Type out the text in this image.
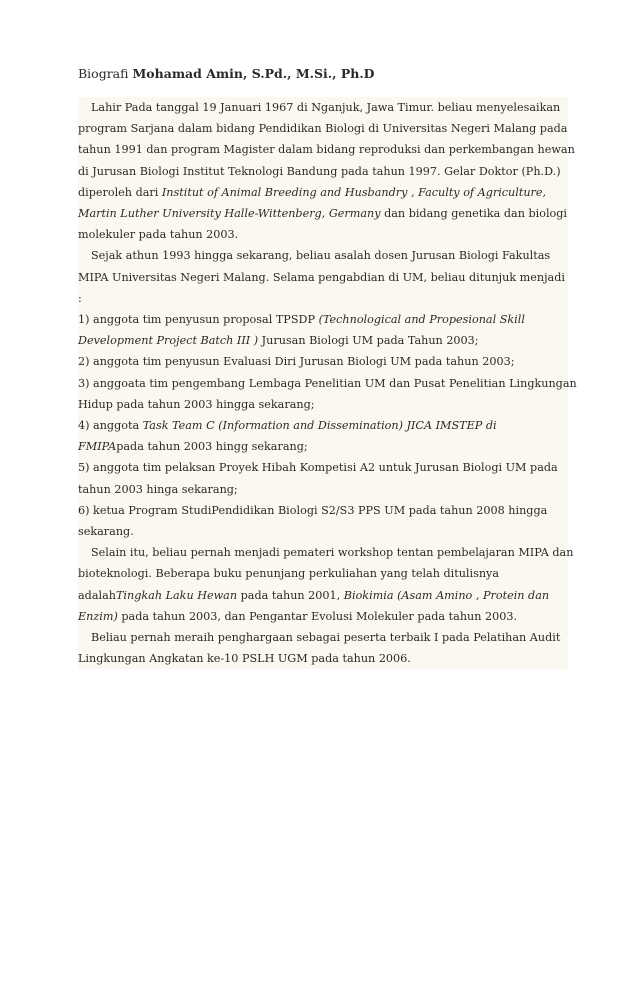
Biografi Mohamad Amin, S.Pd., M.Si., Ph.D
Lahir Pada tanggal 19 Januari 1967 di Nganjuk, Jawa Timur. beliau menyelesaikan
program Sarjana dalam bidang Pendidikan Biologi di Universitas Negeri Malang pada
tahun 1991 dan program Magister dalam bidang reproduksi dan perkembangan hewan
di Jurusan Biologi Institut Teknologi Bandung pada tahun 1997. Gelar Doktor (Ph.D.)
diperoleh dari Institut of Animal Breeding and Husbandry , Faculty of Agriculture,
Martin Luther University Halle-Wittenberg, Germany dan bidang genetika dan biologi
molekuler pada tahun 2003.
Sejak athun 1993 hingga sekarang, beliau asalah dosen Jurusan Biologi Fakultas
MIPA Universitas Negeri Malang. Selama pengabdian di UM, beliau ditunjuk menjadi
:
1) anggota tim penyusun proposal TPSDP (Technological and Propesional Skill
Development Project Batch III ) Jurusan Biologi UM pada Tahun 2003;
2) anggota tim penyusun Evaluasi Diri Jurusan Biologi UM pada tahun 2003;
3) anggoata tim pengembang Lembaga Penelitian UM dan Pusat Penelitian Lingkungan
Hidup pada tahun 2003 hingga sekarang;
4) anggota Task Team C (Information and Dissemination) JICA IMSTEP di
FMIPApada tahun 2003 hingg sekarang;
5) anggota tim pelaksan Proyek Hibah Kompetisi A2 untuk Jurusan Biologi UM pada
tahun 2003 hinga sekarang;
6) ketua Program StudiPendidikan Biologi S2/S3 PPS UM pada tahun 2008 hingga
sekarang.
Selain itu, beliau pernah menjadi pemateri workshop tentan pembelajaran MIPA dan
bioteknologi. Beberapa buku penunjang perkuliahan yang telah ditulisnya
adalahTingkah Laku Hewan pada tahun 2001, Biokimia (Asam Amino , Protein dan
Enzim) pada tahun 2003, dan Pengantar Evolusi Molekuler pada tahun 2003.
Beliau pernah meraih penghargaan sebagai peserta terbaik I pada Pelatihan Audit
Lingkungan Angkatan ke-10 PSLH UGM pada tahun 2006.
